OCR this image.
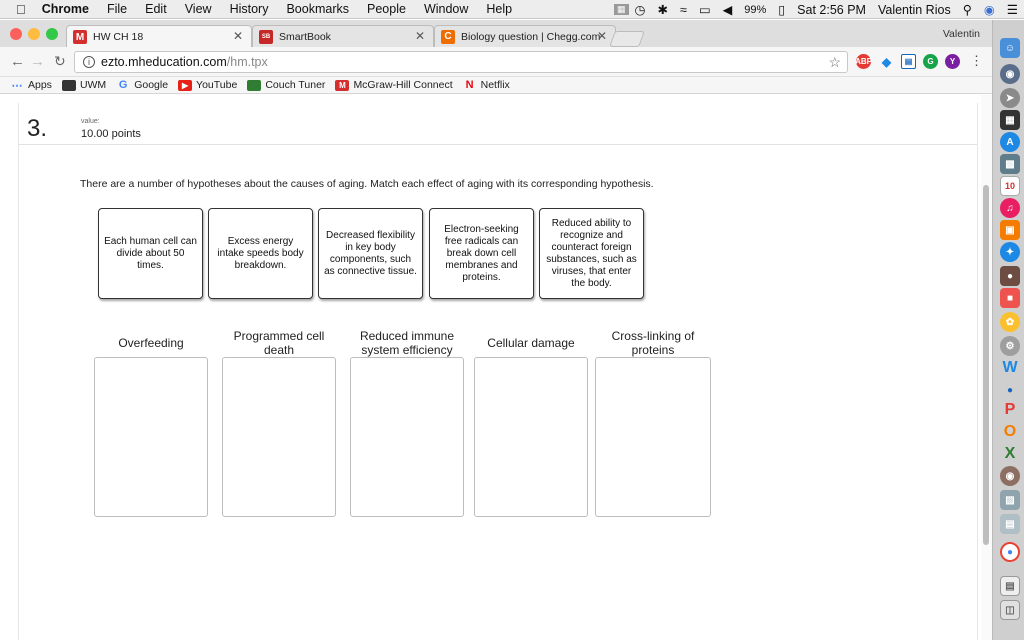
Chrome	File	Edit	View	History	Bookmarks	People	Window	Help	▦ ◷ ✱ ≈ ▭ ◀	99% ▯ Sat 2:56 PM Valentin Rios ⚲ ◉ ☰
M HW CH 18	✕	SB SmartBook	✕	C Biology question | Chegg.com
✕	Valentin
← → ↻	i ezto.mheducation.com /hm.tpx	☆ ABP ◆	▤	G	Y	⋮
⋯ Apps	UWM G Google	▶ YouTube	Couch Tuner	M McGraw-Hill Connect N Netflix
3.	value:
10.00 points
There are a number of hypotheses about the causes of aging. Match each effect of aging with its corresponding hypothesis.
Each human cell can divide about 50 times.
Excess energy intake speeds body breakdown.
Decreased flexibility in key body components, such as connective tissue.
Electron-seeking free radicals can break down cell membranes and proteins.
Reduced ability to recognize and counteract foreign substances, such as viruses, that enter the body.
Overfeeding	Programmed cell death
Reduced immune system efficiency	Cellular damage	Cross-linking of proteins
☺
◉
➤
▦
A
▩
10
♫
▣
✦
●
■
✿
⚙
W
●
P
O
X
◉
▨
▤
●
▤
◫
